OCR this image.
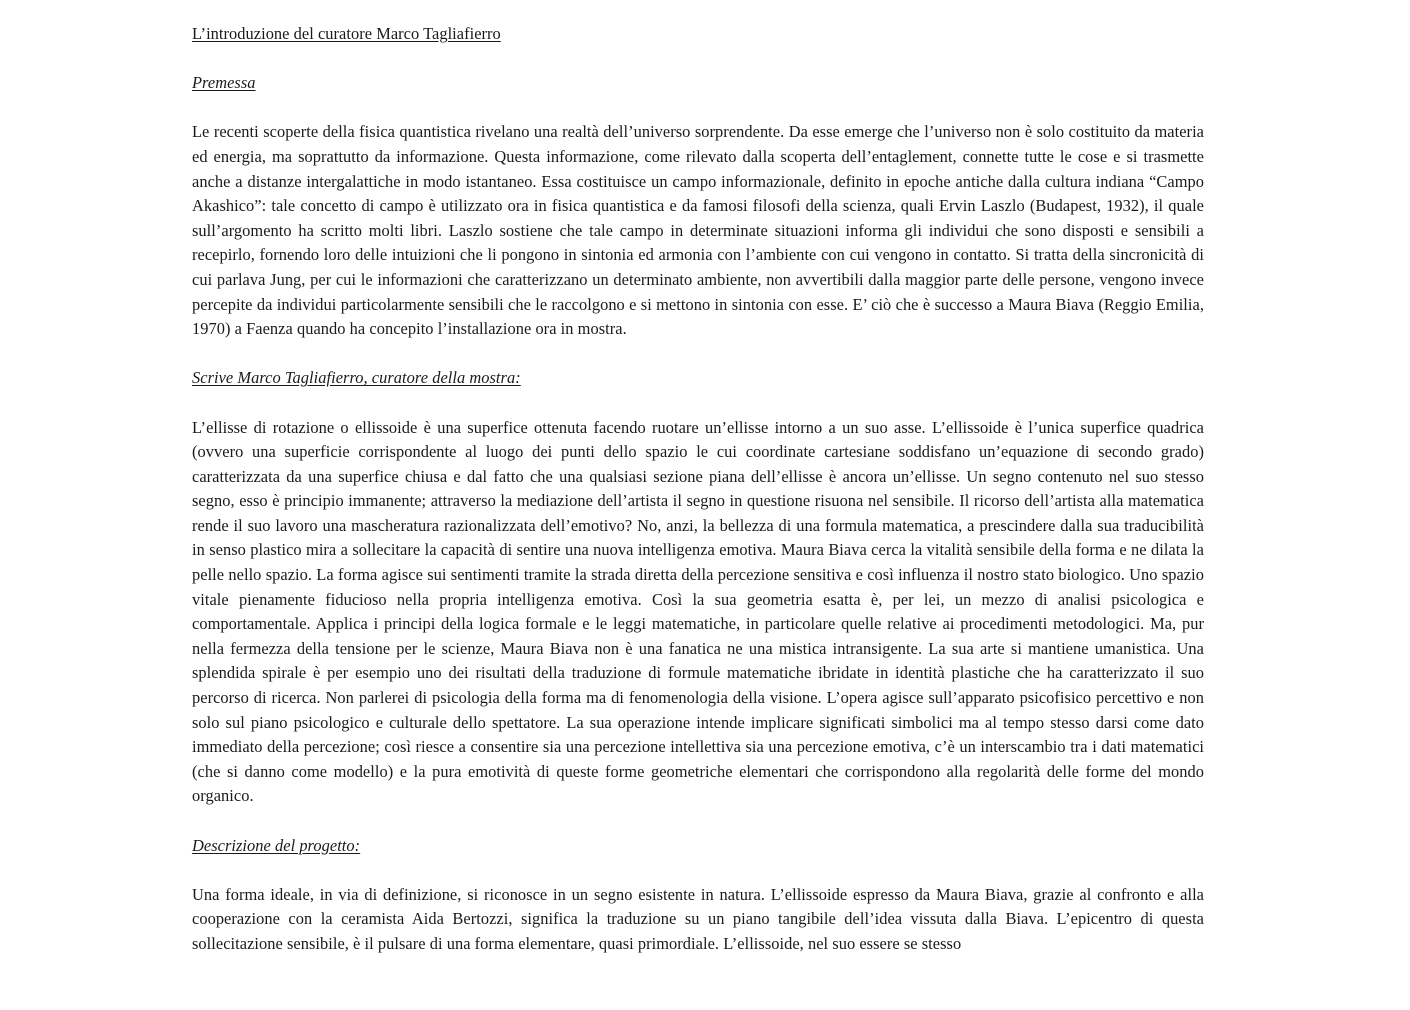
L’introduzione del curatore Marco Tagliafierro

Premessa

Le recenti scoperte della fisica quantistica rivelano una realtà dell’universo sorprendente. Da esse emerge che l’universo non è solo costituito da materia ed energia, ma soprattutto da informazione. Questa informazione, come rilevato dalla scoperta dell’entaglement, connette tutte le cose e si trasmette anche a distanze intergalattiche in modo istantaneo. Essa costituisce un campo informazionale, definito in epoche antiche dalla cultura indiana “Campo Akashico”: tale concetto di campo è utilizzato ora in fisica quantistica e da famosi filosofi della scienza, quali Ervin Laszlo (Budapest, 1932), il quale sull’argomento ha scritto molti libri. Laszlo sostiene che tale campo in determinate situazioni informa gli individui che sono disposti e sensibili a recepirlo, fornendo loro delle intuizioni che li pongono in sintonia ed armonia con l’ambiente con cui vengono in contatto. Si tratta della sincronicità di cui parlava Jung, per cui le informazioni che caratterizzano un determinato ambiente, non avvertibili dalla maggior parte delle persone, vengono invece percepite da individui particolarmente sensibili che le raccolgono e si mettono in sintonia con esse. E’ ciò che è successo a Maura Biava (Reggio Emilia, 1970) a Faenza quando ha concepito l’installazione ora in mostra.

Scrive Marco Tagliafierro, curatore della mostra:

L’ellisse di rotazione o ellissoide è una superfice ottenuta facendo ruotare un’ellisse intorno a un suo asse. L’ellissoide è l’unica superfice quadrica (ovvero una superficie corrispondente al luogo dei punti dello spazio le cui coordinate cartesiane soddisfano un’equazione di secondo grado) caratterizzata da una superfice chiusa e dal fatto che una qualsiasi sezione piana dell’ellisse è ancora un’ellisse. Un segno contenuto nel suo stesso segno, esso è principio immanente; attraverso la mediazione dell’artista il segno in questione risuona nel sensibile. Il ricorso dell’artista alla matematica rende il suo lavoro una mascheratura razionalizzata dell’emotivo? No, anzi, la bellezza di una formula matematica, a prescindere dalla sua traducibilità in senso plastico mira a sollecitare la capacità di sentire una nuova intelligenza emotiva. Maura Biava cerca la vitalità sensibile della forma e ne dilata la pelle nello spazio. La forma agisce sui sentimenti tramite la strada diretta della percezione sensitiva e così influenza il nostro stato biologico. Uno spazio vitale pienamente fiducioso nella propria intelligenza emotiva. Così la sua geometria esatta è, per lei, un mezzo di analisi psicologica e comportamentale. Applica i principi della logica formale e le leggi matematiche, in particolare quelle relative ai procedimenti metodologici. Ma, pur nella fermezza della tensione per le scienze, Maura Biava non è una fanatica ne una mistica intransigente. La sua arte si mantiene umanistica. Una splendida spirale è per esempio uno dei risultati della traduzione di formule matematiche ibridate in identità plastiche che ha caratterizzato il suo percorso di ricerca. Non parlerei di psicologia della forma ma di fenomenologia della visione. L’opera agisce sull’apparato psicofisico percettivo e non solo sul piano psicologico e culturale dello spettatore. La sua operazione intende implicare significati simbolici ma al tempo stesso darsi come dato immediato della percezione; così riesce a consentire sia una percezione intellettiva sia una percezione emotiva, c’è un interscambio tra i dati matematici (che si danno come modello) e la pura emotività di queste forme geometriche elementari che corrispondono alla regolarità delle forme del mondo organico.

Descrizione del progetto:

Una forma ideale, in via di definizione, si riconosce in un segno esistente in natura. L’ellissoide espresso da Maura Biava, grazie al confronto e alla cooperazione con la ceramista Aida Bertozzi, significa la traduzione su un piano tangibile dell’idea vissuta dalla Biava. L’epicentro di questa sollecitazione sensibile, è il pulsare di una forma elementare, quasi primordiale. L’ellissoide, nel suo essere se stesso
